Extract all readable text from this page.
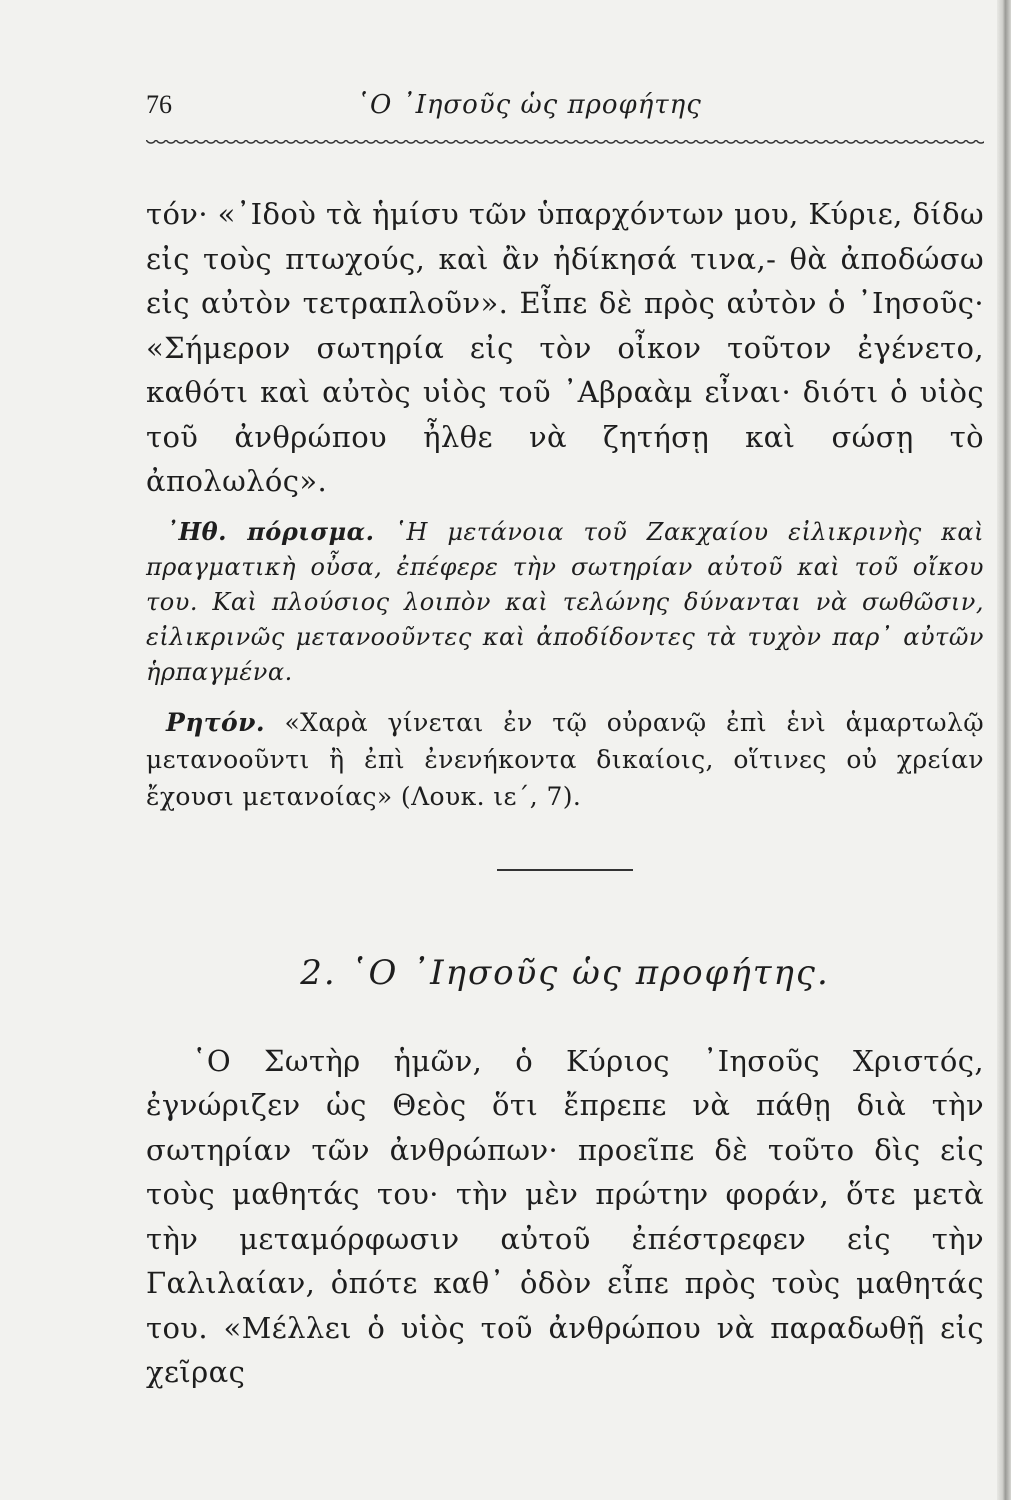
76	῾Ο ᾿Ιησοῦς ὡς προφήτης

τόν· «᾿Ιδοὺ τὰ ἡμίσυ τῶν ὑπαρχόντων μου, Κύριε, δίδω εἰς τοὺς πτωχούς, καὶ ἂν ἠδίκησά τινα,- θὰ ἀποδώσω εἰς αὐτὸν τετραπλοῦν». Εἶπε δὲ πρὸς αὐτὸν ὁ ᾿Ιησοῦς· «Σήμερον σωτηρία εἰς τὸν οἶκον τοῦτον ἐγένετο, καθότι καὶ αὐτὸς υἱὸς τοῦ ᾿Αβραὰμ εἶναι· διότι ὁ υἱὸς τοῦ ἀνθρώπου ἦλθε νὰ ζητήσῃ καὶ σώσῃ τὸ ἀπολωλός».

᾿Ηθ. πόρισμα. ῾Η μετάνοια τοῦ Ζακχαίου εἰλικρινὴς καὶ πραγματικὴ οὖσα, ἐπέφερε τὴν σωτηρίαν αὐτοῦ καὶ τοῦ οἴκου του. Καὶ πλούσιος λοιπὸν καὶ τελώνης δύνανται νὰ σωθῶσιν, εἰλικρινῶς μετανοοῦντες καὶ ἀποδίδοντες τὰ τυχὸν παρ᾿ αὐτῶν ἡρπαγμένα.

Ρητόν. «Χαρὰ γίνεται ἐν τῷ οὐρανῷ ἐπὶ ἑνὶ ἁμαρτωλῷ μετανοοῦντι ἢ ἐπὶ ἐνενήκοντα δικαίοις, οἵτινες οὐ χρείαν ἔχουσι μετανοίας» (Λουκ. ιε΄, 7).

2. ῾Ο ᾿Ιησοῦς ὡς προφήτης.

῾Ο Σωτὴρ ἡμῶν, ὁ Κύριος ᾿Ιησοῦς Χριστός, ἐγνώριζεν ὡς Θεὸς ὅτι ἔπρεπε νὰ πάθῃ διὰ τὴν σωτηρίαν τῶν ἀνθρώπων· προεῖπε δὲ τοῦτο δὶς εἰς τοὺς μαθητάς του· τὴν μὲν πρώτην φοράν, ὅτε μετὰ τὴν μεταμόρφωσιν αὐτοῦ ἐπέστρεφεν εἰς τὴν Γαλιλαίαν, ὁπότε καθ᾿ ὁδὸν εἶπε πρὸς τοὺς μαθητάς του. «Μέλλει ὁ υἱὸς τοῦ ἀνθρώπου νὰ παραδωθῇ εἰς χεῖρας
